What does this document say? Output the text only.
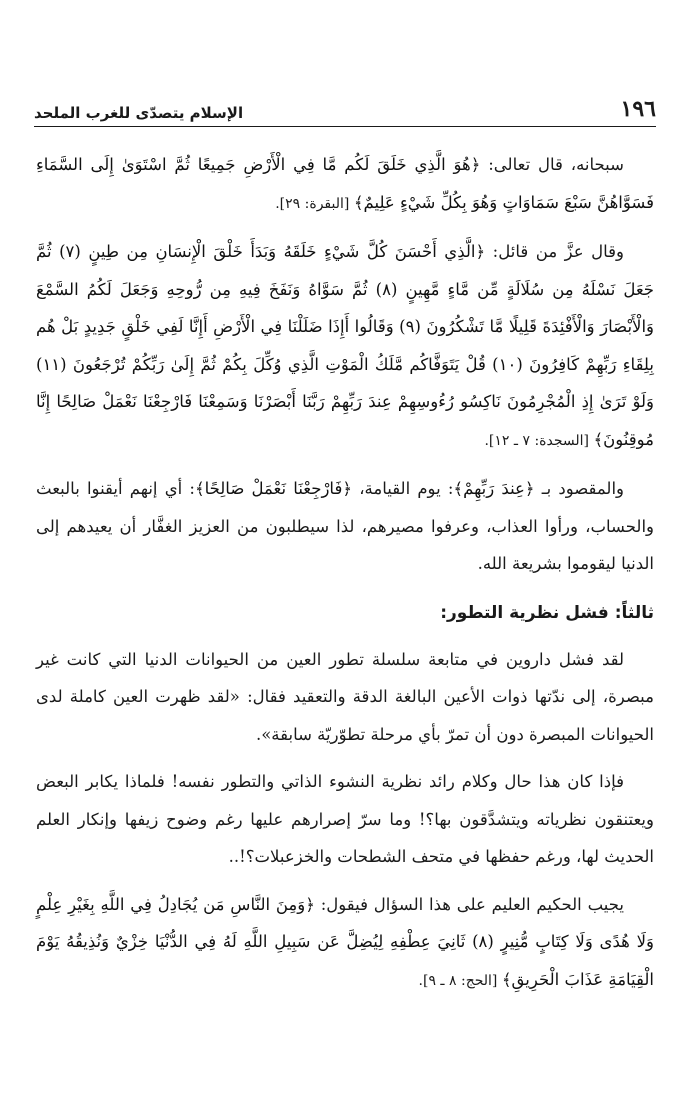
١٩٦
الإسلام يتصدّى للغرب الملحد

سبحانه، قال تعالى: ﴿هُوَ الَّذِي خَلَقَ لَكُم مَّا فِي الْأَرْضِ جَمِيعًا ثُمَّ اسْتَوَىٰ إِلَى السَّمَاءِ فَسَوَّاهُنَّ سَبْعَ سَمَاوَاتٍ وَهُوَ بِكُلِّ شَيْءٍ عَلِيمٌ﴾ [البقرة: ٢٩].

وقال عزَّ من قائل: ﴿الَّذِي أَحْسَنَ كُلَّ شَيْءٍ خَلَقَهُ وَبَدَأَ خَلْقَ الْإِنسَانِ مِن طِينٍ (٧) ثُمَّ جَعَلَ نَسْلَهُ مِن سُلَالَةٍ مِّن مَّاءٍ مَّهِينٍ (٨) ثُمَّ سَوَّاهُ وَنَفَخَ فِيهِ مِن رُّوحِهِ وَجَعَلَ لَكُمُ السَّمْعَ وَالْأَبْصَارَ وَالْأَفْئِدَةَ قَلِيلًا مَّا تَشْكُرُونَ (٩) وَقَالُوا أَإِذَا ضَلَلْنَا فِي الْأَرْضِ أَإِنَّا لَفِي خَلْقٍ جَدِيدٍ بَلْ هُم بِلِقَاءِ رَبِّهِمْ كَافِرُونَ (١٠) قُلْ يَتَوَفَّاكُم مَّلَكُ الْمَوْتِ الَّذِي وُكِّلَ بِكُمْ ثُمَّ إِلَىٰ رَبِّكُمْ تُرْجَعُونَ (١١) وَلَوْ تَرَىٰ إِذِ الْمُجْرِمُونَ نَاكِسُو رُءُوسِهِمْ عِندَ رَبِّهِمْ رَبَّنَا أَبْصَرْنَا وَسَمِعْنَا فَارْجِعْنَا نَعْمَلْ صَالِحًا إِنَّا مُوقِنُونَ﴾ [السجدة: ٧ ـ ١٢].

والمقصود بـ ﴿عِندَ رَبِّهِمْ﴾: يوم القيامة، ﴿فَارْجِعْنَا نَعْمَلْ صَالِحًا﴾: أي إنهم أيقنوا بالبعث والحساب، ورأوا العذاب، وعرفوا مصيرهم، لذا سيطلبون من العزيز الغفَّار أن يعيدهم إلى الدنيا ليقوموا بشريعة الله.

ثالثاً: فشل نظرية التطور:

لقد فشل داروين في متابعة سلسلة تطور العين من الحيوانات الدنيا التي كانت غير مبصرة، إلى ندّتها ذوات الأعين البالغة الدقة والتعقيد فقال: «لقد ظهرت العين كاملة لدى الحيوانات المبصرة دون أن تمرّ بأي مرحلة تطوّريّة سابقة».

فإذا كان هذا حال وكلام رائد نظرية النشوء الذاتي والتطور نفسه! فلماذا يكابر البعض ويعتنقون نظرياته ويتشدَّقون بها؟! وما سرّ إصرارهم عليها رغم وضوح زيفها وإنكار العلم الحديث لها، ورغم حفظها في متحف الشطحات والخزعبلات؟!..

يجيب الحكيم العليم على هذا السؤال فيقول: ﴿وَمِنَ النَّاسِ مَن يُجَادِلُ فِي اللَّهِ بِغَيْرِ عِلْمٍ وَلَا هُدًى وَلَا كِتَابٍ مُّنِيرٍ (٨) ثَانِيَ عِطْفِهِ لِيُضِلَّ عَن سَبِيلِ اللَّهِ لَهُ فِي الدُّنْيَا خِزْيٌ وَنُذِيقُهُ يَوْمَ الْقِيَامَةِ عَذَابَ الْحَرِيقِ﴾ [الحج: ٨ ـ ٩].
